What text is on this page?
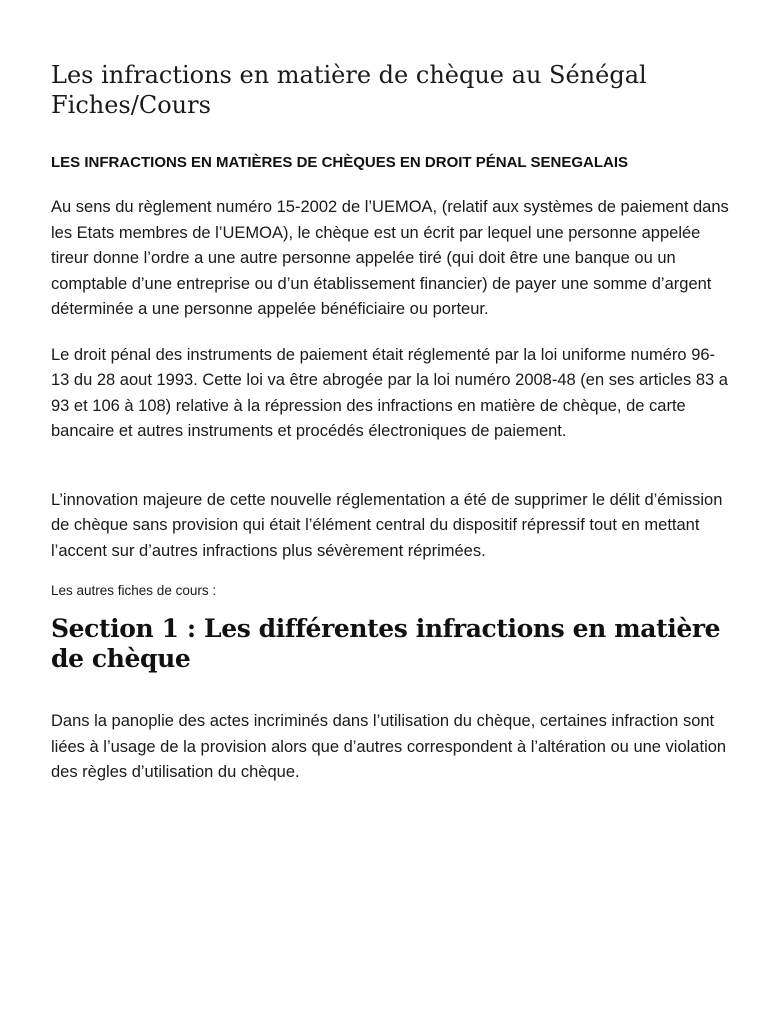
Les infractions en matière de chèque au Sénégal
Fiches/Cours
LES INFRACTIONS EN MATIÈRES DE CHÈQUES EN DROIT PÉNAL SENEGALAIS

Au sens du règlement numéro 15-2002 de l’UEMOA, (relatif aux systèmes de paiement dans les Etats membres de l’UEMOA), le chèque est un écrit par lequel une personne appelée tireur donne l’ordre a une autre personne appelée tiré (qui doit être une banque ou un comptable d’une entreprise ou d’un établissement financier) de payer une somme d’argent déterminée a une personne appelée bénéficiaire ou porteur.

Le droit pénal des instruments de paiement était réglementé par la loi uniforme numéro 96-13 du 28 aout 1993. Cette loi va être abrogée par la loi numéro 2008-48 (en ses articles 83 a 93 et 106 à 108) relative à la répression des infractions en matière de chèque, de carte bancaire et autres instruments et procédés électroniques de paiement.

L’innovation majeure de cette nouvelle réglementation a été de supprimer le délit d’émission de chèque sans provision qui était l’élément central du dispositif répressif tout en mettant l’accent sur d’autres infractions plus sévèrement réprimées.

Les autres fiches de cours :

Section 1 : Les différentes infractions en matière de chèque

Dans la panoplie des actes incriminés dans l’utilisation du chèque, certaines infraction sont liées à l’usage de la provision alors que d’autres correspondent à l’altération ou une violation des règles d’utilisation du chèque.
